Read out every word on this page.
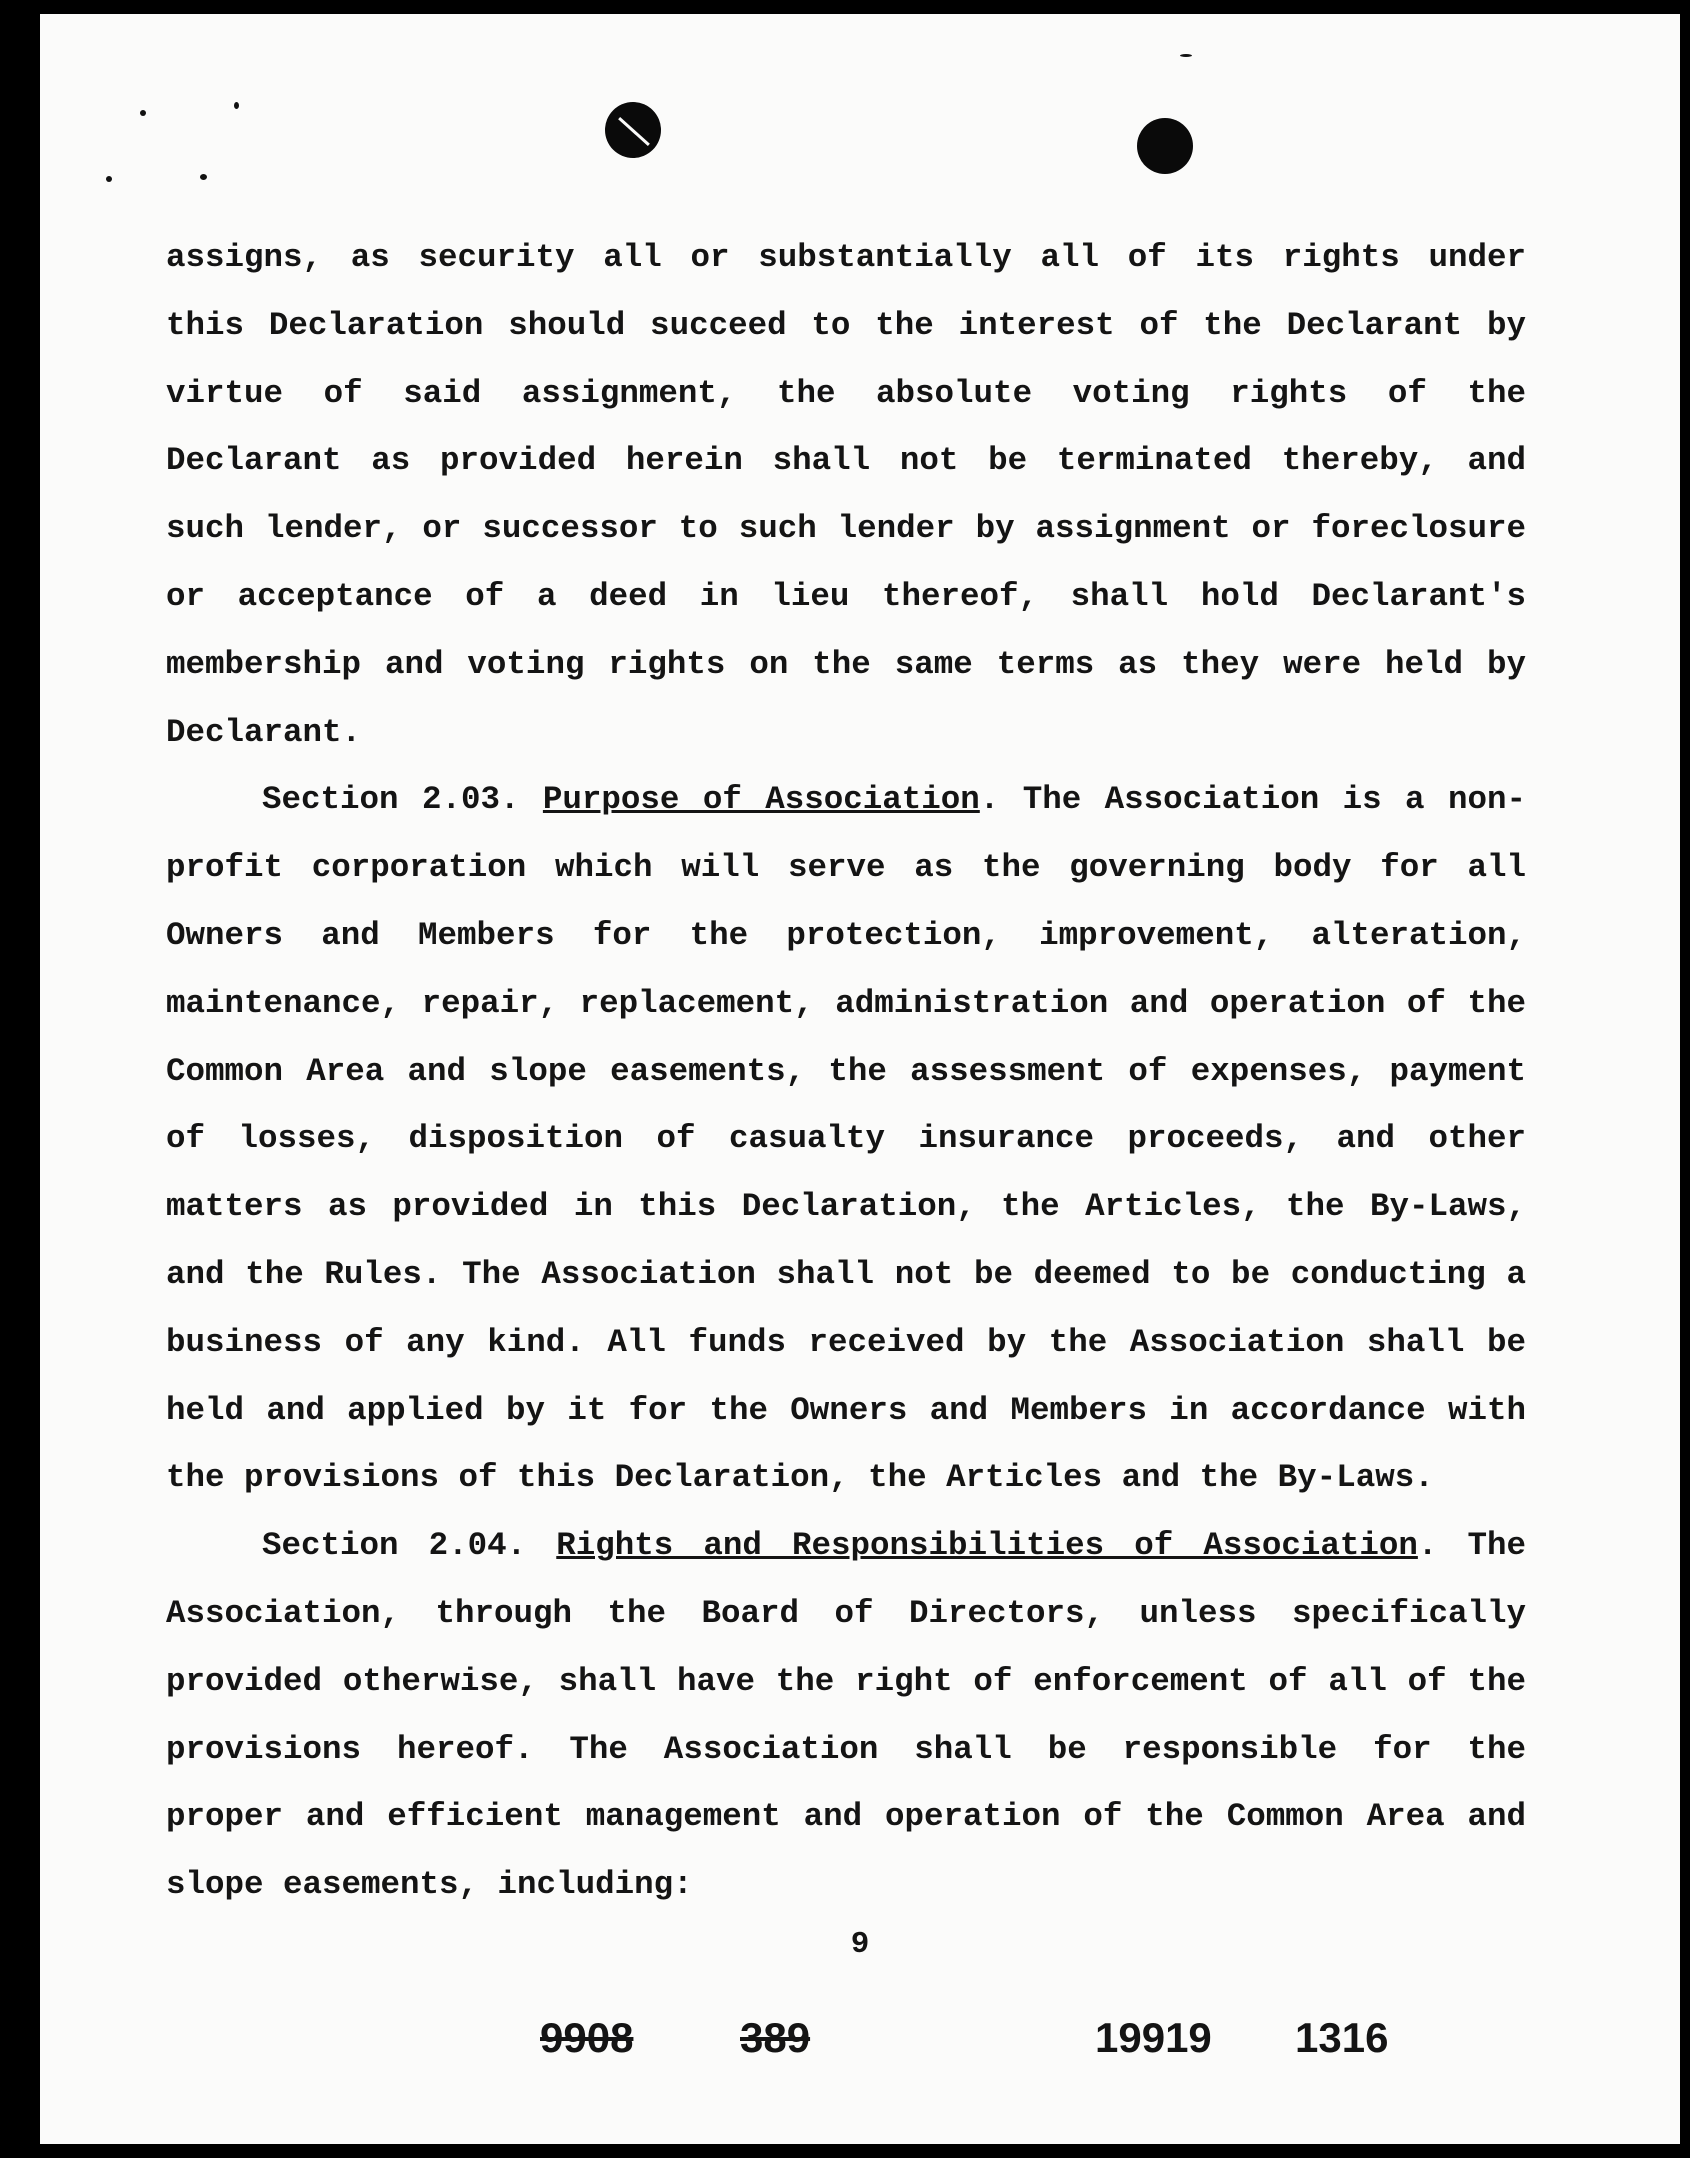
assigns, as security all or substantially all of its rights under this Declaration should succeed to the interest of the Declarant by virtue of said assignment, the absolute voting rights of the Declarant as provided herein shall not be terminated thereby, and such lender, or successor to such lender by assignment or foreclosure or acceptance of a deed in lieu thereof, shall hold Declarant's membership and voting rights on the same terms as they were held by Declarant.

Section 2.03. Purpose of Association. The Association is a non-profit corporation which will serve as the governing body for all Owners and Members for the protection, improvement, alteration, maintenance, repair, replacement, administration and operation of the Common Area and slope easements, the assessment of expenses, payment of losses, disposition of casualty insurance proceeds, and other matters as provided in this Declaration, the Articles, the By-Laws, and the Rules. The Association shall not be deemed to be conducting a business of any kind. All funds received by the Association shall be held and applied by it for the Owners and Members in accordance with the provisions of this Declaration, the Articles and the By-Laws.

Section 2.04. Rights and Responsibilities of Association. The Association, through the Board of Directors, unless specifically provided otherwise, shall have the right of enforcement of all of the provisions hereof. The Association shall be responsible for the proper and efficient management and operation of the Common Area and slope easements, including:

9
9908	389	19919 1316
